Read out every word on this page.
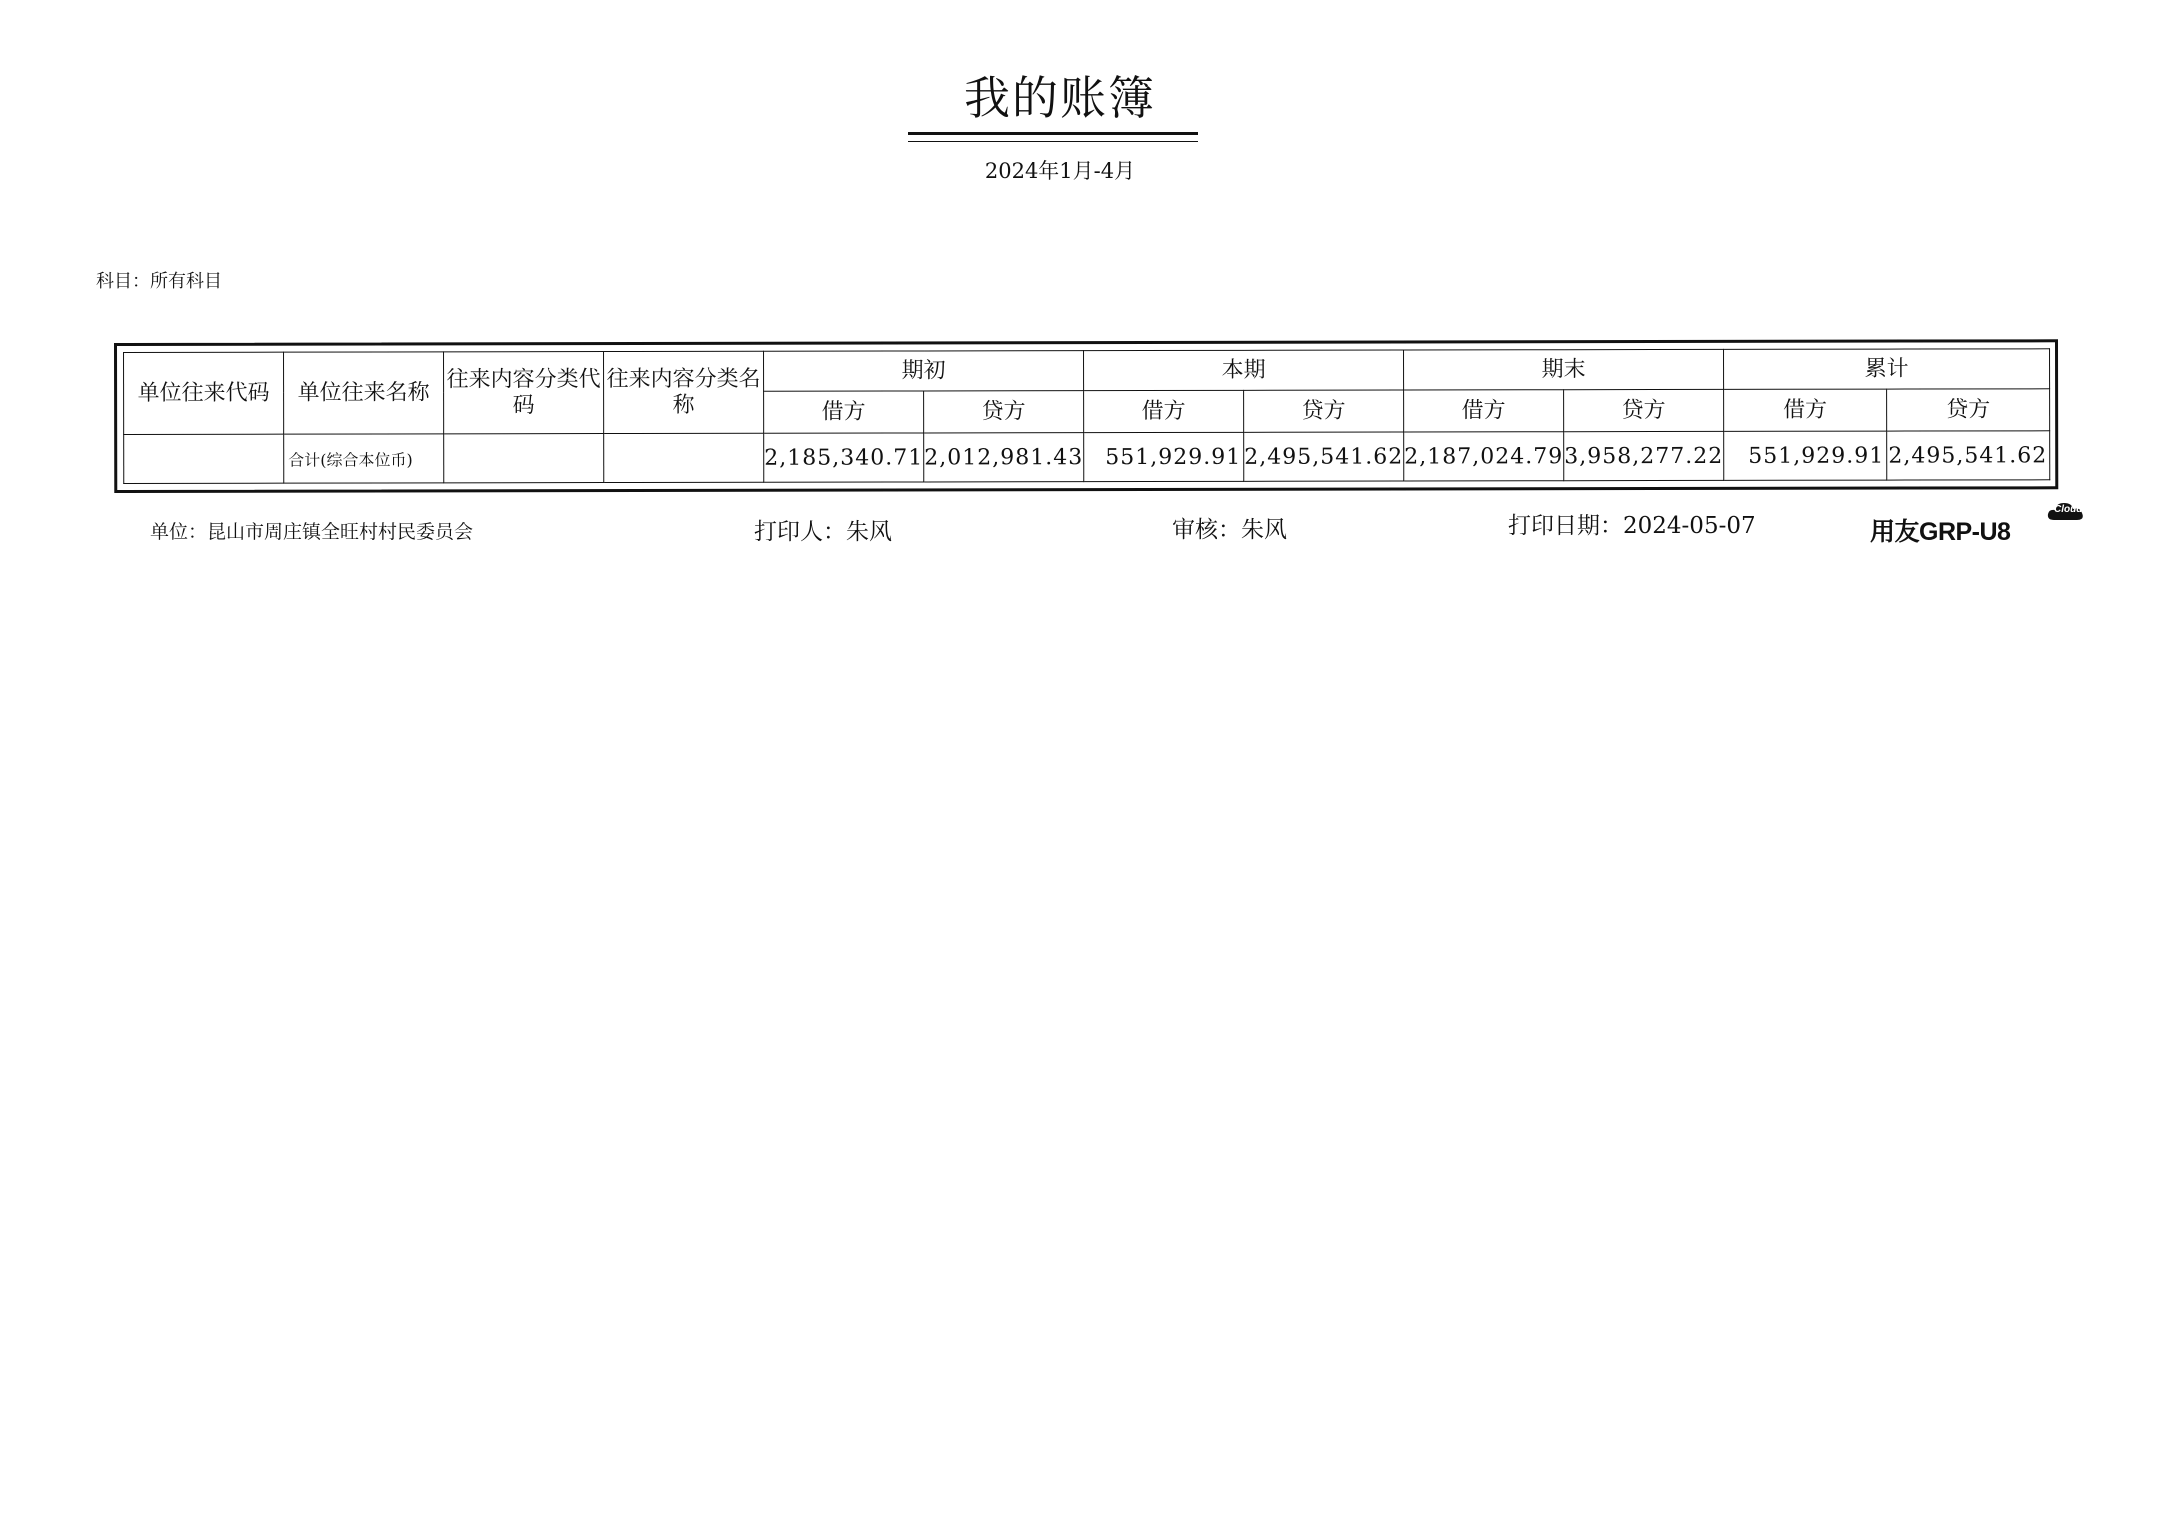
我的账簿
2024年1月-4月
科目：所有科目
单位往来代码	单位往来名称	往来内容分类代码	往来内容分类名称	期初		本期		期末		累计	
				借方	贷方	借方	贷方	借方	贷方	借方	贷方
	合计(综合本位币)			2,185,340.71	2,012,981.43	551,929.91	2,495,541.62	2,187,024.79	3,958,277.22	551,929.91	2,495,541.62
单位：昆山市周庄镇全旺村村民委员会	打印人：朱风	审核：朱风	打印日期：2024-05-07	用友GRP-U8
Cloud
